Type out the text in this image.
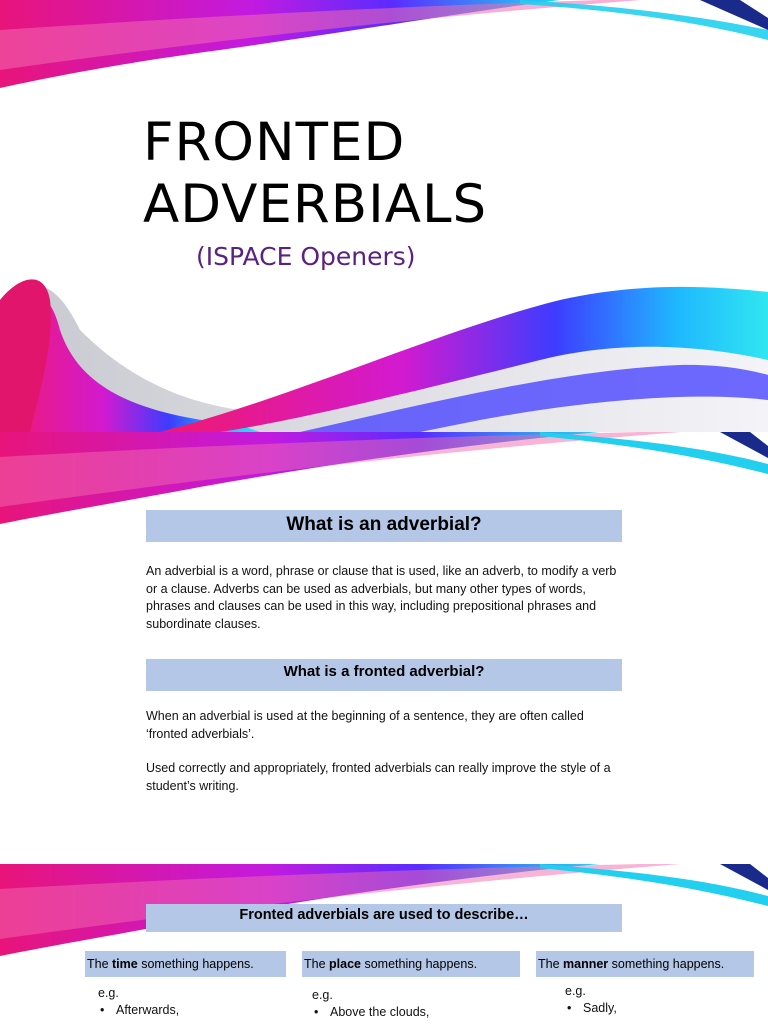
FRONTED
ADVERBIALS
(ISPACE Openers)
What is an adverbial?

An adverbial is a word, phrase or clause that is used, like an adverb, to modify a verb or a clause. Adverbs can be used as adverbials, but many other types of words, phrases and clauses can be used in this way, including prepositional phrases and subordinate clauses.

What is a fronted adverbial?

When an adverbial is used at the beginning of a sentence, they are often called ‘fronted adverbials’.

Used correctly and appropriately, fronted adverbials can really improve the style of a student’s writing.

Fronted adverbials are used to describe…
The time something happens.	The place something happens.	The manner something happens.
e.g.
• Afterwards,
e.g.
• Above the clouds,
e.g.
• Sadly,
